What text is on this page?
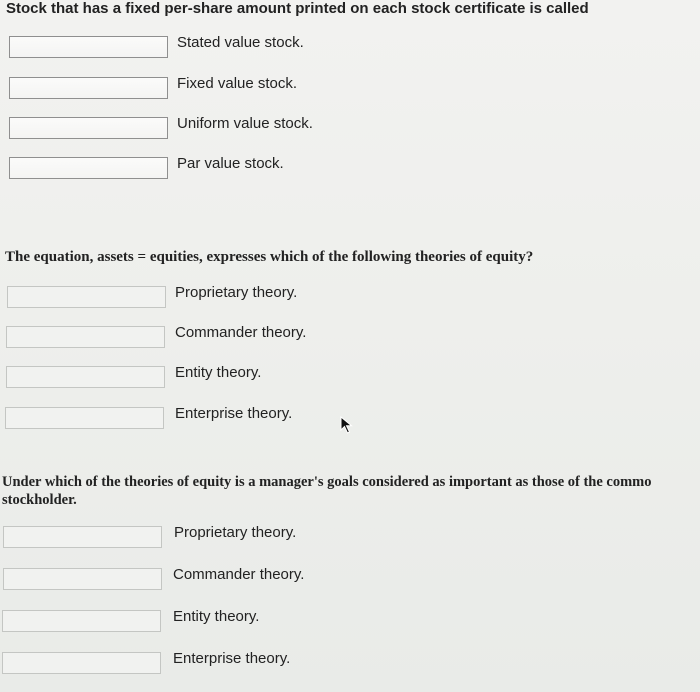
Stock that has a fixed per-share amount printed on each stock certificate is called

Stated value stock.
Fixed value stock.
Uniform value stock.
Par value stock.

The equation, assets = equities, expresses which of the following theories of equity?

Proprietary theory.
Commander theory.
Entity theory.
Enterprise theory.

Under which of the theories of equity is a manager's goals considered as important as those of the commo

stockholder.

Proprietary theory.
Commander theory.
Entity theory.
Enterprise theory.
